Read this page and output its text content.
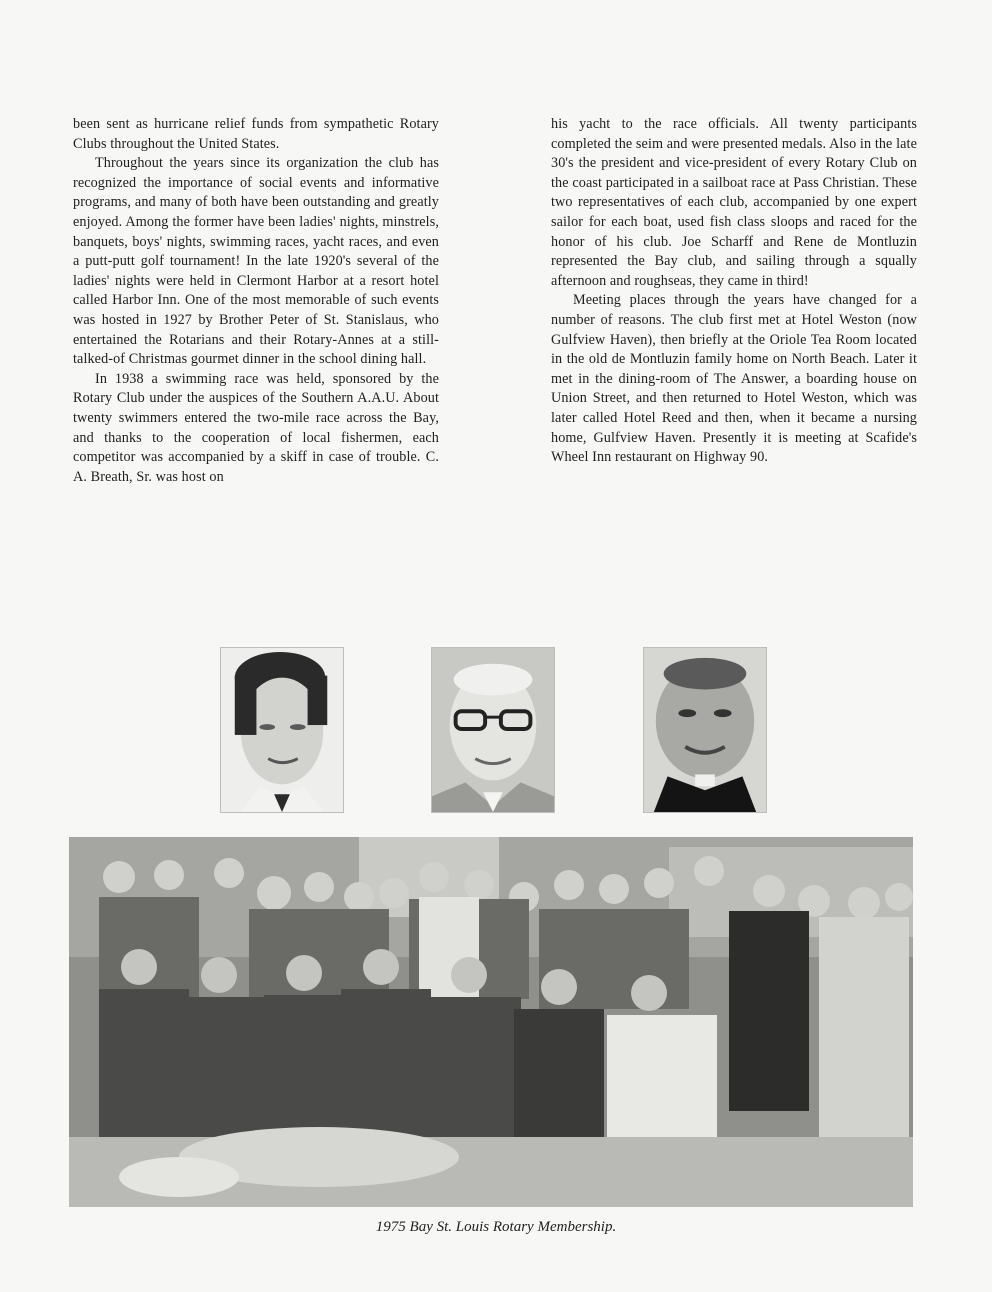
been sent as hurricane relief funds from sympathetic Rotary Clubs throughout the United States.

Throughout the years since its organization the club has recognized the importance of social events and informative programs, and many of both have been outstanding and greatly enjoyed. Among the former have been ladies' nights, minstrels, banquets, boys' nights, swimming races, yacht races, and even a putt-putt golf tournament! In the late 1920's several of the ladies' nights were held in Clermont Harbor at a resort hotel called Harbor Inn. One of the most memorable of such events was hosted in 1927 by Brother Peter of St. Stanislaus, who entertained the Rotarians and their Rotary-Annes at a still-talked-of Christmas gourmet dinner in the school dining hall.

In 1938 a swimming race was held, sponsored by the Rotary Club under the auspices of the Southern A.A.U. About twenty swimmers entered the two-mile race across the Bay, and thanks to the cooperation of local fishermen, each competitor was accompanied by a skiff in case of trouble. C. A. Breath, Sr. was host on

his yacht to the race officials. All twenty participants completed the seim and were presented medals. Also in the late 30's the president and vice-president of every Rotary Club on the coast participated in a sailboat race at Pass Christian. These two representatives of each club, accompanied by one expert sailor for each boat, used fish class sloops and raced for the honor of his club. Joe Scharff and Rene de Montluzin represented the Bay club, and sailing through a squally afternoon and roughseas, they came in third!

Meeting places through the years have changed for a number of reasons. The club first met at Hotel Weston (now Gulfview Haven), then briefly at the Oriole Tea Room located in the old de Montluzin family home on North Beach. Later it met in the dining-room of The Answer, a boarding house on Union Street, and then returned to Hotel Weston, which was later called Hotel Reed and then, when it became a nursing home, Gulfview Haven. Presently it is meeting at Scafide's Wheel Inn restaurant on Highway 90.

1975 Bay St. Louis Rotary Membership.
